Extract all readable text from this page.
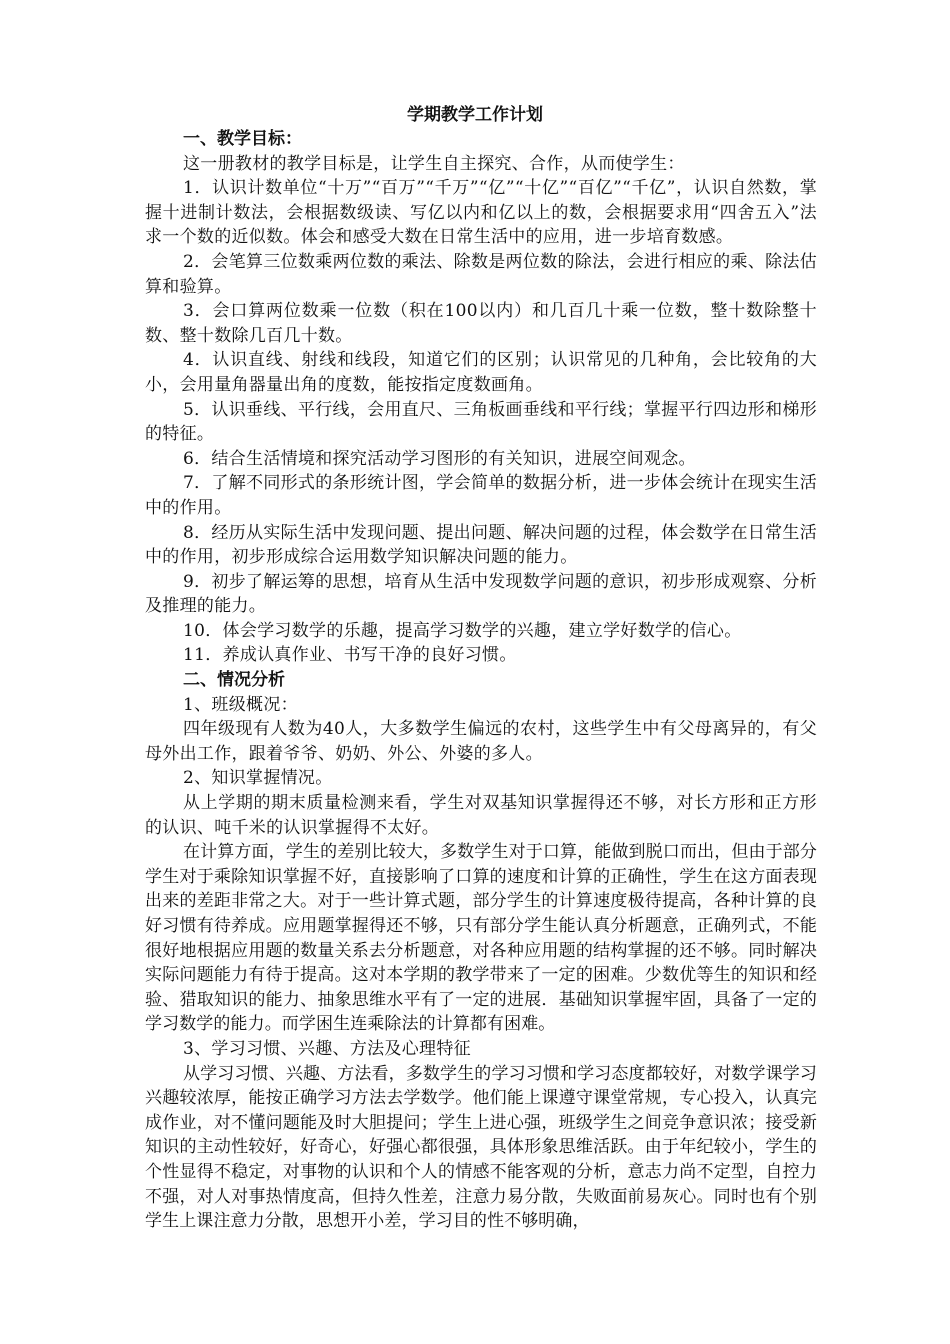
学期教学工作计划

一、教学目标：

这一册教材的教学目标是，让学生自主探究、合作，从而使学生：

1．认识计数单位“十万”“百万”“千万”“亿”“十亿”“百亿”“千亿”，认识自然数，掌握十进制计数法，会根据数级读、写亿以内和亿以上的数，会根据要求用“四舍五入”法求一个数的近似数。体会和感受大数在日常生活中的应用，进一步培育数感。

2．会笔算三位数乘两位数的乘法、除数是两位数的除法，会进行相应的乘、除法估算和验算。

3．会口算两位数乘一位数（积在100以内）和几百几十乘一位数，整十数除整十数、整十数除几百几十数。

4．认识直线、射线和线段，知道它们的区别；认识常见的几种角，会比较角的大小，会用量角器量出角的度数，能按指定度数画角。

5．认识垂线、平行线，会用直尺、三角板画垂线和平行线；掌握平行四边形和梯形的特征。

6．结合生活情境和探究活动学习图形的有关知识，进展空间观念。

7．了解不同形式的条形统计图，学会简单的数据分析，进一步体会统计在现实生活中的作用。

8．经历从实际生活中发现问题、提出问题、解决问题的过程，体会数学在日常生活中的作用，初步形成综合运用数学知识解决问题的能力。

9．初步了解运筹的思想，培育从生活中发现数学问题的意识，初步形成观察、分析及推理的能力。

10．体会学习数学的乐趣，提高学习数学的兴趣，建立学好数学的信心。

11．养成认真作业、书写干净的良好习惯。

二、情况分析

1、班级概况：

四年级现有人数为40人，大多数学生偏远的农村，这些学生中有父母离异的，有父母外出工作，跟着爷爷、奶奶、外公、外婆的多人。

2、知识掌握情况。

从上学期的期末质量检测来看，学生对双基知识掌握得还不够，对长方形和正方形的认识、吨千米的认识掌握得不太好。

在计算方面，学生的差别比较大，多数学生对于口算，能做到脱口而出，但由于部分学生对于乘除知识掌握不好，直接影响了口算的速度和计算的正确性，学生在这方面表现出来的差距非常之大。对于一些计算式题，部分学生的计算速度极待提高，各种计算的良好习惯有待养成。应用题掌握得还不够，只有部分学生能认真分析题意，正确列式，不能很好地根据应用题的数量关系去分析题意，对各种应用题的结构掌握的还不够。同时解决实际问题能力有待于提高。这对本学期的教学带来了一定的困难。少数优等生的知识和经验、猎取知识的能力、抽象思维水平有了一定的进展．基础知识掌握牢固，具备了一定的学习数学的能力。而学困生连乘除法的计算都有困难。

3、学习习惯、兴趣、方法及心理特征

从学习习惯、兴趣、方法看，多数学生的学习习惯和学习态度都较好，对数学课学习兴趣较浓厚，能按正确学习方法去学数学。他们能上课遵守课堂常规，专心投入，认真完成作业，对不懂问题能及时大胆提问；学生上进心强，班级学生之间竞争意识浓；接受新知识的主动性较好，好奇心，好强心都很强，具体形象思维活跃。由于年纪较小，学生的个性显得不稳定，对事物的认识和个人的情感不能客观的分析，意志力尚不定型，自控力不强，对人对事热情度高，但持久性差，注意力易分散，失败面前易灰心。同时也有个别学生上课注意力分散，思想开小差，学习目的性不够明确，
